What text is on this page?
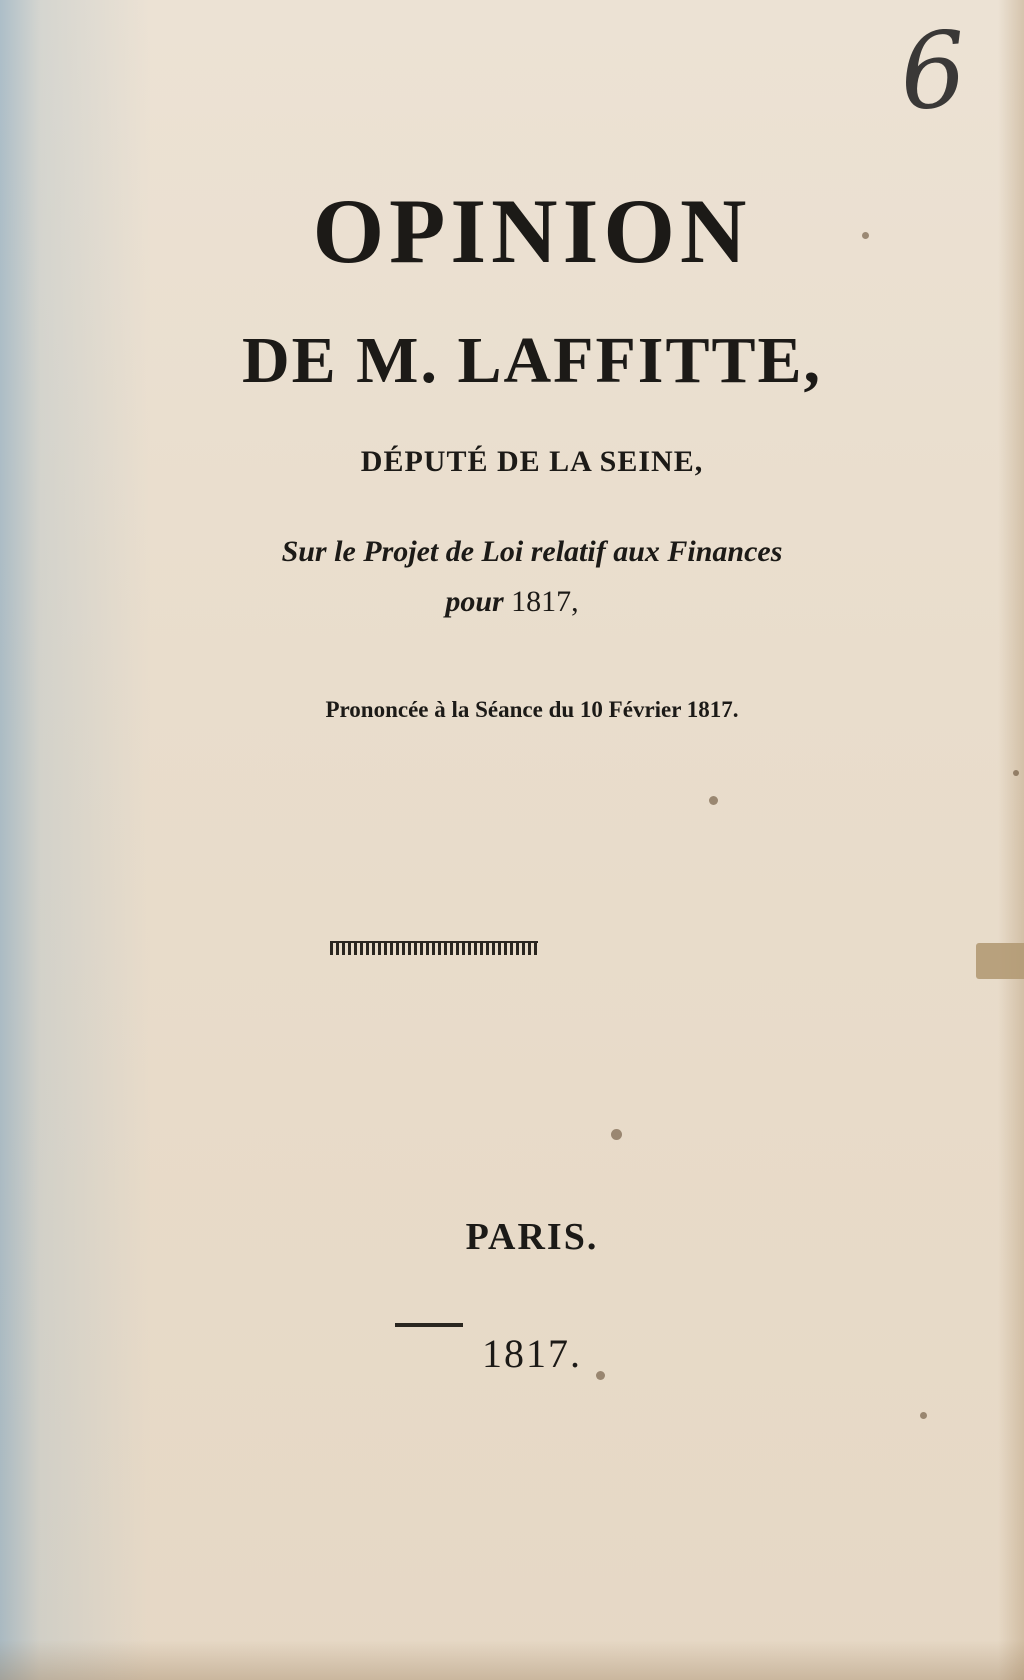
6
OPINION
DE M. LAFFITTE,
DÉPUTÉ DE LA SEINE,
Sur le Projet de Loi relatif aux Finances
pour 1817,
Prononcée à la Séance du 10 Février 1817.
PARIS.
1817.
